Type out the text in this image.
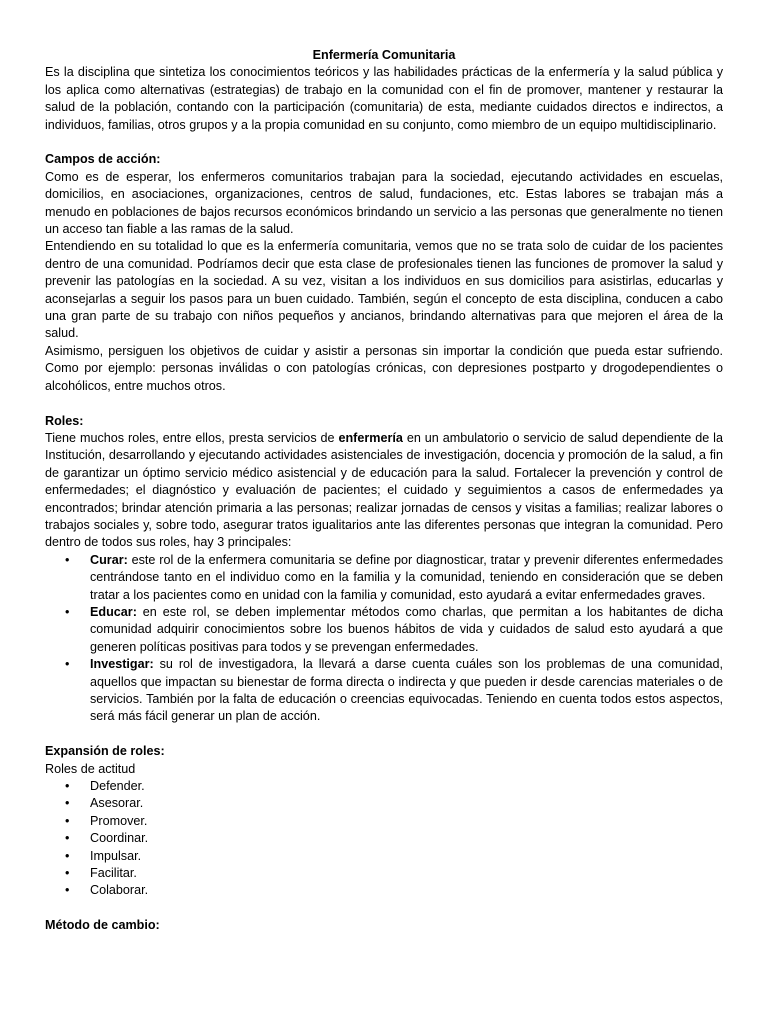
Enfermería Comunitaria

Es la disciplina que sintetiza los conocimientos teóricos y las habilidades prácticas de la enfermería y la salud pública y los aplica como alternativas (estrategias) de trabajo en la comunidad con el fin de promover, mantener y restaurar la salud de la población, contando con la participación (comunitaria) de esta, mediante cuidados directos e indirectos, a individuos, familias, otros grupos y a la propia comunidad en su conjunto, como miembro de un equipo multidisciplinario.

Campos de acción:

Como es de esperar, los enfermeros comunitarios trabajan para la sociedad, ejecutando actividades en escuelas, domicilios, en asociaciones, organizaciones, centros de salud, fundaciones, etc. Estas labores se trabajan más a menudo en poblaciones de bajos recursos económicos brindando un servicio a las personas que generalmente no tienen un acceso tan fiable a las ramas de la salud.

Entendiendo en su totalidad lo que es la enfermería comunitaria, vemos que no se trata solo de cuidar de los pacientes dentro de una comunidad. Podríamos decir que esta clase de profesionales tienen las funciones de promover la salud y prevenir las patologías en la sociedad. A su vez, visitan a los individuos en sus domicilios para asistirlas, educarlas y aconsejarlas a seguir los pasos para un buen cuidado. También, según el concepto de esta disciplina, conducen a cabo una gran parte de su trabajo con niños pequeños y ancianos, brindando alternativas para que mejoren el área de la salud.

Asimismo, persiguen los objetivos de cuidar y asistir a personas sin importar la condición que pueda estar sufriendo. Como por ejemplo: personas inválidas o con patologías crónicas, con depresiones postparto y drogodependientes o alcohólicos, entre muchos otros.

Roles:

Tiene muchos roles, entre ellos, presta servicios de enfermería en un ambulatorio o servicio de salud dependiente de la Institución, desarrollando y ejecutando actividades asistenciales de investigación, docencia y promoción de la salud, a fin de garantizar un óptimo servicio médico asistencial y de educación para la salud. Fortalecer la prevención y control de enfermedades; el diagnóstico y evaluación de pacientes; el cuidado y seguimientos a casos de enfermedades ya encontrados; brindar atención primaria a las personas; realizar jornadas de censos y visitas a familias; realizar labores o trabajos sociales y, sobre todo, asegurar tratos igualitarios ante las diferentes personas que integran la comunidad. Pero dentro de todos sus roles, hay 3 principales:

• Curar: este rol de la enfermera comunitaria se define por diagnosticar, tratar y prevenir diferentes enfermedades centrándose tanto en el individuo como en la familia y la comunidad, teniendo en consideración que se deben tratar a los pacientes como en unidad con la familia y comunidad, esto ayudará a evitar enfermedades graves.
• Educar: en este rol, se deben implementar métodos como charlas, que permitan a los habitantes de dicha comunidad adquirir conocimientos sobre los buenos hábitos de vida y cuidados de salud esto ayudará a que generen políticas positivas para todos y se prevengan enfermedades.
• Investigar: su rol de investigadora, la llevará a darse cuenta cuáles son los problemas de una comunidad, aquellos que impactan su bienestar de forma directa o indirecta y que pueden ir desde carencias materiales o de servicios. También por la falta de educación o creencias equivocadas. Teniendo en cuenta todos estos aspectos, será más fácil generar un plan de acción.
Expansión de roles:
Roles de actitud
• Defender.
• Asesorar.
• Promover.
• Coordinar.
• Impulsar.
• Facilitar.
• Colaborar.
Método de cambio:
